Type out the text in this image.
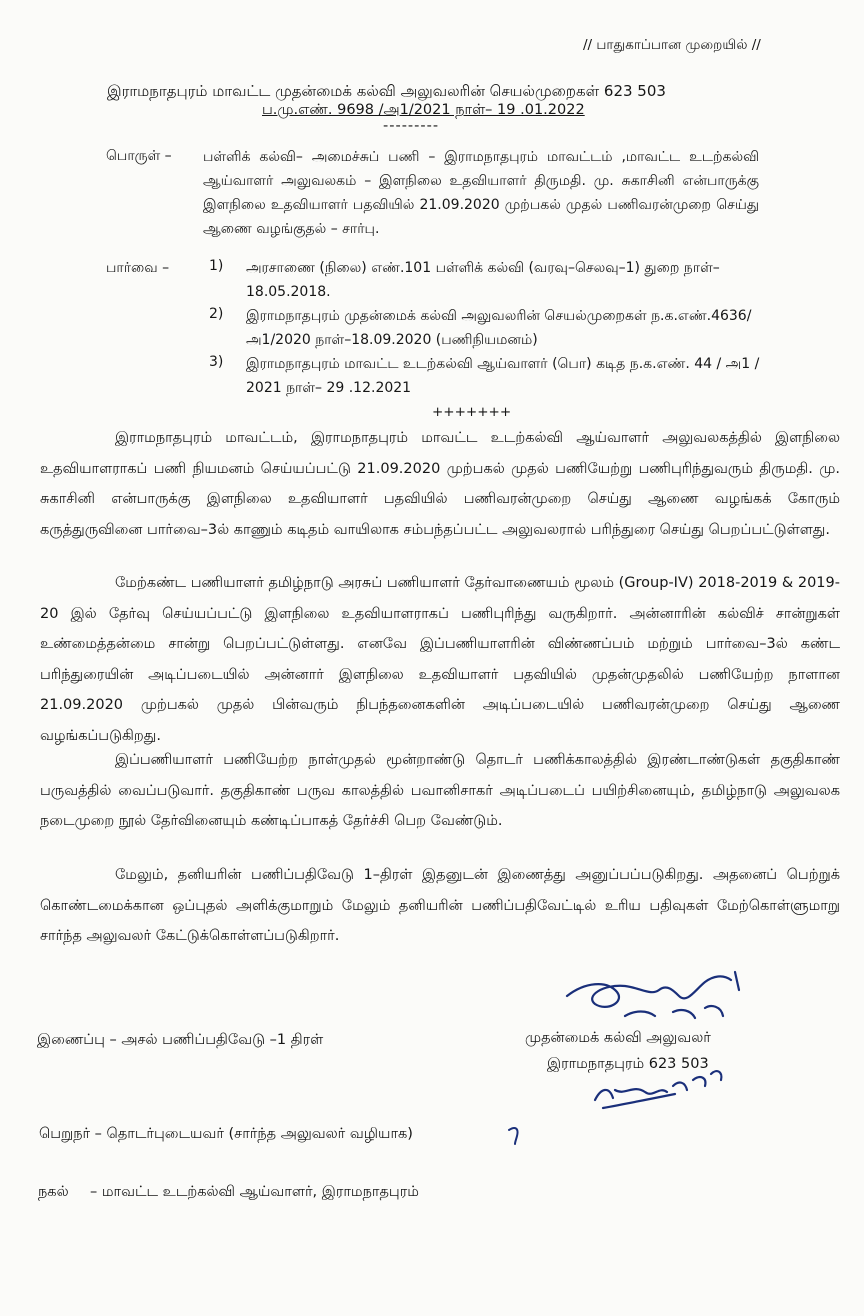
// பாதுகாப்பான முறையில் //
இராமநாதபுரம் மாவட்ட முதன்மைக் கல்வி அலுவலரின் செயல்முறைகள் 623 503
ப.மு.எண். 9698 /அ1/2021 நாள்– 19 .01.2022
---------
பொருள் – பள்ளிக் கல்வி– அமைச்சுப் பணி – இராமநாதபுரம் மாவட்டம் ,மாவட்ட உடற்கல்வி ஆய்வாளர் அலுவலகம் – இளநிலை உதவியாளர் திருமதி. மு. சுகாசினி என்பாருக்கு இளநிலை உதவியாளர் பதவியில் 21.09.2020 முற்பகல் முதல் பணிவரன்முறை செய்து ஆணை வழங்குதல் – சார்பு.

பார்வை –	1) அரசாணை (நிலை) எண்.101 பள்ளிக் கல்வி (வரவு–செலவு–1) துறை நாள்–18.05.2018.

2) இராமநாதபுரம் முதன்மைக் கல்வி அலுவலரின் செயல்முறைகள் ந.க.எண்.4636/அ1/2020 நாள்–18.09.2020 (பணிநியமனம்)

3) இராமநாதபுரம் மாவட்ட உடற்கல்வி ஆய்வாளர் (பொ) கடித ந.க.எண். 44 / அ1 / 2021 நாள்– 29 .12.2021

+++++++

இராமநாதபுரம் மாவட்டம், இராமநாதபுரம் மாவட்ட உடற்கல்வி ஆய்வாளர் அலுவலகத்தில் இளநிலை உதவியாளராகப் பணி நியமனம் செய்யப்பட்டு 21.09.2020 முற்பகல் முதல் பணியேற்று பணிபுரிந்துவரும் திருமதி. மு. சுகாசினி என்பாருக்கு இளநிலை உதவியாளர் பதவியில் பணிவரன்முறை செய்து ஆணை வழங்கக் கோரும் கருத்துருவினை பார்வை–3ல் காணும் கடிதம் வாயிலாக சம்பந்தப்பட்ட அலுவலரால் பரிந்துரை செய்து பெறப்பட்டுள்ளது.

மேற்கண்ட பணியாளர் தமிழ்நாடு அரசுப் பணியாளர் தேர்வாணையம் மூலம் (Group-IV) 2018-2019 & 2019-20 இல் தேர்வு செய்யப்பட்டு இளநிலை உதவியாளராகப் பணிபுரிந்து வருகிறார். அன்னாரின் கல்விச் சான்றுகள் உண்மைத்தன்மை சான்று பெறப்பட்டுள்ளது. எனவே இப்பணியாளரின் விண்ணப்பம் மற்றும் பார்வை–3ல் கண்ட பரிந்துரையின் அடிப்படையில் அன்னார் இளநிலை உதவியாளர் பதவியில் முதன்முதலில் பணியேற்ற நாளான 21.09.2020 முற்பகல் முதல் பின்வரும் நிபந்தனைகளின் அடிப்படையில் பணிவரன்முறை செய்து ஆணை வழங்கப்படுகிறது.

இப்பணியாளர் பணியேற்ற நாள்முதல் மூன்றாண்டு தொடர் பணிக்காலத்தில் இரண்டாண்டுகள் தகுதிகாண் பருவத்தில் வைப்படுவார். தகுதிகாண் பருவ காலத்தில் பவானிசாகர் அடிப்படைப் பயிற்சினையும், தமிழ்நாடு அலுவலக நடைமுறை நூல் தேர்வினையும் கண்டிப்பாகத் தேர்ச்சி பெற வேண்டும்.

மேலும், தனியரின் பணிப்பதிவேடு 1–திரள் இதனுடன் இணைத்து அனுப்பப்படுகிறது. அதனைப் பெற்றுக் கொண்டமைக்கான ஒப்புதல் அளிக்குமாறும் மேலும் தனியரின் பணிப்பதிவேட்டில் உரிய பதிவுகள் மேற்கொள்ளுமாறு சார்ந்த அலுவலர் கேட்டுக்கொள்ளப்படுகிறார்.

இணைப்பு – அசல் பணிப்பதிவேடு –1 திரள்	முதன்மைக் கல்வி அலுவலர்
இராமநாதபுரம் 623 503
பெறுநர் – தொடர்புடையவர் (சார்ந்த அலுவலர் வழியாக)
நகல் – மாவட்ட உடற்கல்வி ஆய்வாளர், இராமநாதபுரம்
